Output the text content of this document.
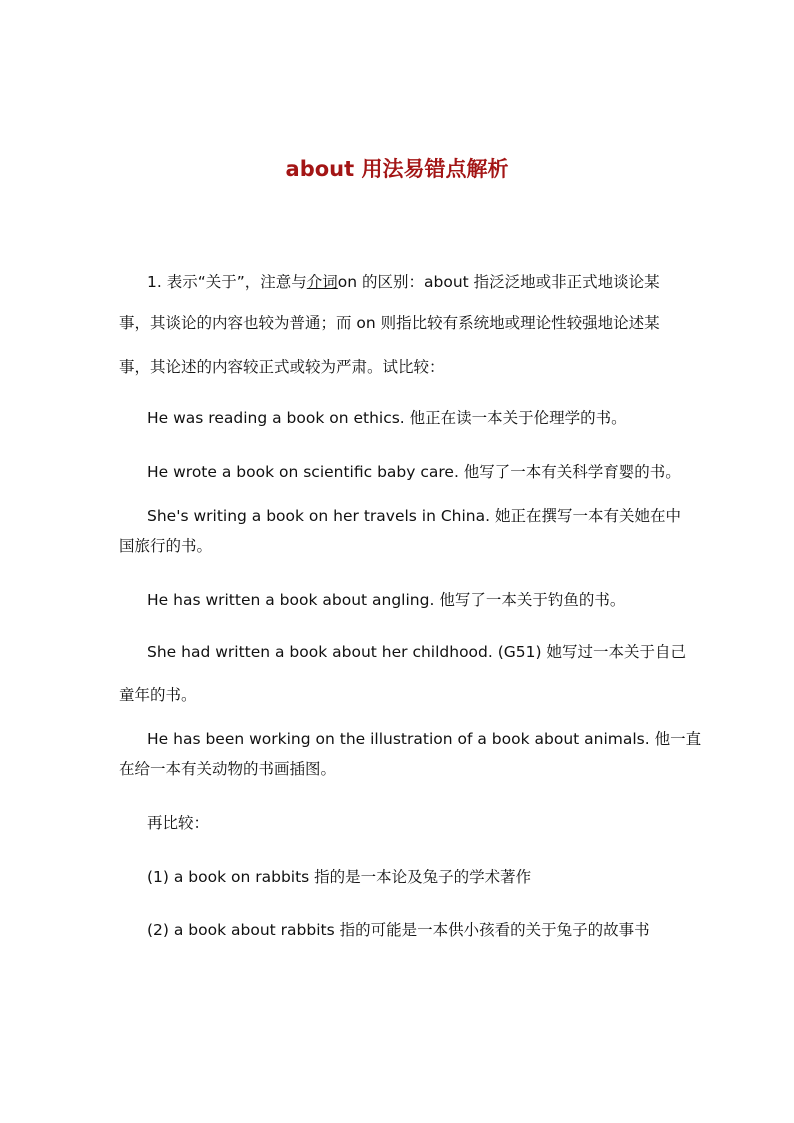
about 用法易错点解析
1. 表示“关于”，注意与介词on 的区别：about 指泛泛地或非正式地谈论某
事，其谈论的内容也较为普通；而 on 则指比较有系统地或理论性较强地论述某
事，其论述的内容较正式或较为严肃。试比较：
He was reading a book on ethics. 他正在读一本关于伦理学的书。
He wrote a book on scientific baby care. 他写了一本有关科学育婴的书。
She's writing a book on her travels in China. 她正在撰写一本有关她在中
国旅行的书。
He has written a book about angling. 他写了一本关于钓鱼的书。
She had written a book about her childhood. (G51) 她写过一本关于自己
童年的书。
He has been working on the illustration of a book about animals. 他一直
在给一本有关动物的书画插图。
再比较：
(1) a book on rabbits 指的是一本论及兔子的学术著作
(2) a book about rabbits 指的可能是一本供小孩看的关于兔子的故事书
